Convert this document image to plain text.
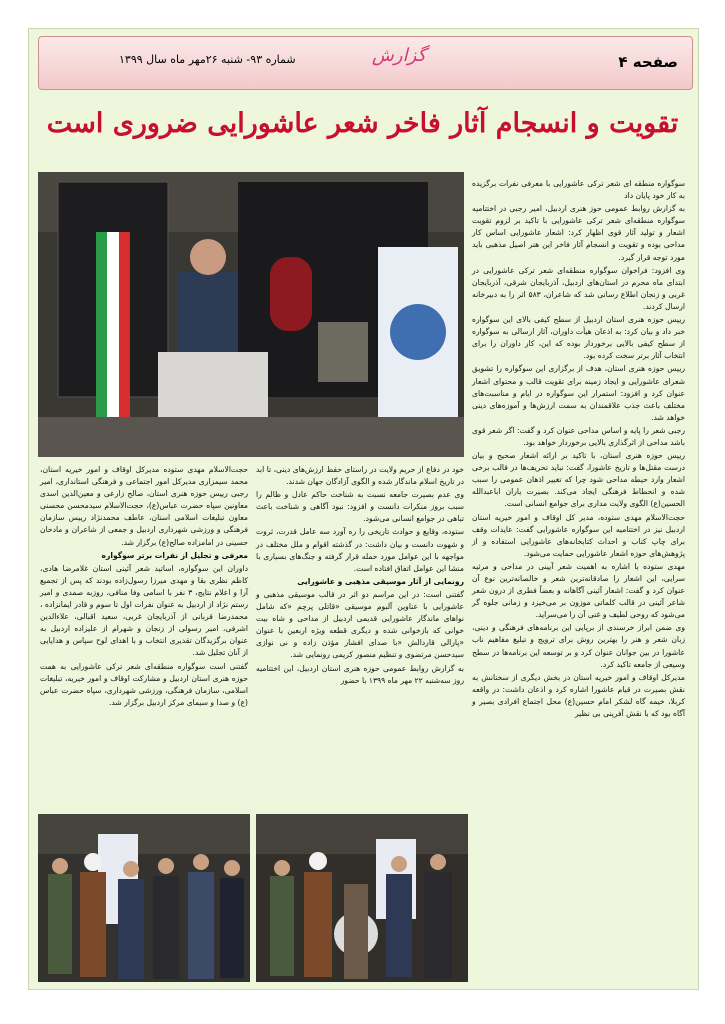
صفحه ۴
گزارش
شماره ۹۳- شنبه ۲۶مهر ماه سال ۱۳۹۹
تقویت و انسجام آثار فاخر شعر عاشورایی ضروری است

سوگواره منطقه ای شعر ترکی عاشورایی با معرفی نفرات برگزیده به کار خود پایان داد

به گزارش روابط عمومی حوز هنری اردبیل، امیر رجبی در اختتامیه سوگواره منطقه‌ای شعر ترکی عاشورایی با تاکید بر لزوم تقویت اشعار و تولید آثار قوی اظهار کرد: اشعار عاشورایی اساس کار مداحی بوده و تقویت و انسجام آثار فاخر این هنر اصیل مذهبی باید مورد توجه قرار گیرد.

وی افزود: فراخوان سوگواره منطقه‌ای شعر ترکی عاشورایی در ابتدای ماه محرم در استان‌های اردبیل، آذربایجان شرقی، آذربایجان غربی و زنجان اطلاع رسانی شد که شاعران، ۵۸۳ اثر را به دبیرخانه ارسال کردند.

رییس حوزه هنری استان اردبیل از سطح کیفی بالای این سوگواره خبر داد و بیان کرد: به اذعان هیأت داوران، آثار ارسالی به سوگواره از سطح کیفی بالایی برخوردار بوده که این، کار داوران را برای انتخاب آثار برتر سخت کرده بود.

رییس حوزه هنری استان، هدف از برگزاری این سوگواره را تشویق شعرای عاشورایی و ایجاد زمینه برای تقویت قالب و محتوای اشعار عنوان کرد و افزود: استمرار این سوگواره در ایام و مناسبت‌های مختلف باعث جذب علاقمندان به سمت ارزش‌ها و آموزه‌های دینی خواهد شد.

رجبی شعر را پایه و اساس مداحی عنوان کرد و گفت: اگر شعر قوی باشد مداحی از اثرگذاری بالایی برخوردار خواهد بود.

رییس حوزه هنری استان، با تاکید بر ارائه اشعار صحیح و بیان درست مقتل‌ها و تاریخ عاشورا، گفت: نباید تحریف‌ها در قالب برخی اشعار وارد حیطه مداحی شود چرا که تغییر اذهان عمومی را سبب شده و انحطاط فرهنگی ایجاد می‌کند. بصیرت یاران اباعبدالله الحسین(ع) الگوی ولایت مداری برای جوامع انسانی است.

حجت‌الاسلام مهدی ستوده، مدیر کل اوقاف و امور خیریه استان اردبیل نیز در اختتامیه این سوگواره عاشورایی گفت: عایدات وقف برای چاپ کتاب و احداث کتابخانه‌های عاشورایی استفاده و از پژوهش‌های حوزه اشعار عاشورایی حمایت می‌شود.

مهدی ستوده با اشاره به اهمیت شعر آیینی در مداحی و مرثیه سرایی، این اشعار را صادقانه‌ترین شعر و خالصانه‌ترین نوع آن عنوان کرد و گفت: اشعار آئینی آگاهانه و بعضاً فطری از درون شعر شاعر آئینی در قالب کلماتی موزون بر می‌خیزد و زمانی جلوه گر می‌شود که روحی لطیف و غنی آن را می‌سراید.

وی ضمن ابراز خرسندی از برپایی این برنامه‌های فرهنگی و دینی، زبان شعر و هنر را بهترین روش برای ترویج و تبلیغ مفاهیم ناب عاشورا در بین جوانان عنوان کرد و بر توسعه این برنامه‌ها در سطح وسیعی از جامعه تاکید کرد.

مدیرکل اوقاف و امور خیریه استان در بخش دیگری از سخنانش به نقش بصیرت در قیام عاشورا اشاره کرد و اذعان داشت: در واقعه کربلا، خیمه گاه لشکر امام حسین(ع) محل اجتماع افرادی بصیر و آگاه بود که با نقش آفرینی بی نظیر

خود در دفاع از حریم ولایت در راستای حفظ ارزش‌های دینی، تا ابد در تاریخ اسلام ماندگار شده و الگوی آزادگان جهان شدند.

وی عدم بصیرت جامعه نسبت به شناخت حاکم عادل و ظالم را سبب بروز منکرات دانست و افزود: نبود آگاهی و شناخت باعث تباهی در جوامع انسانی می‌شود.

ستوده، وقایع و حوادث تاریخی را ره آورد سه عامل قدرت، ثروت و شهوت دانست و بیان داشت: در گذشته اقوام و ملل مختلف در مواجهه با این عوامل مورد حمله قرار گرفته و جنگ‌های بسیاری با منشا این عوامل اتفاق افتاده است.

رونمایی از آثار موسیقی مذهبی و عاشورایی

گفتنی است: در این مراسم دو اثر در قالب موسیقی مذهبی و عاشورایی با عناوین آلبوم موسیقی «قاتلی پرچم «که شامل نواهای ماندگار عاشورایی قدیمی اردبیل از مداحی و شاه بیت خوانی که بازخوانی شده و دیگری قطعه ویژه اربعین با عنوان «پارالی قاردالش «با صدای افشار مؤذن زاده و نی نوازی سیدحسن مرتضوی و تنظیم منصور کریمی رونمایی شد.

به گزارش روابط عمومی حوزه هنری استان اردبیل، این اختتامیه روز سه‌شنبه ۲۲ مهر ماه ۱۳۹۹ با حضور

حجت‌الاسلام مهدی ستوده مدیرکل اوقاف و امور خیریه استان، محمد سیمزاری مدیرکل امور اجتماعی و فرهنگی استانداری، امیر رجبی رییس حوزه هنری استان، صالح زارعی و معین‌الدین اسدی معاونین سپاه حضرت عباس(ع)، حجت‌الاسلام سیدمحسن محسنی معاون تبلیغات اسلامی استان، عاطف محمدنژاد رییس سازمان فرهنگی و ورزشی شهرداری اردبیل و جمعی از شاعران و مادحان حسینی در امامزاده صالح(ع) برگزار شد.

معرفی و تجلیل از نفرات برتر سوگواره

داوران این سوگواره، اساتید شعر آئینی استان غلامرضا هادی، کاظم نظری بقا و مهدی میرزا رسول‌زاده بودند که پس از تجمیع آرا و اعلام نتایج، ۳ نفر با اسامی وفا منافی، روزبه صمدی و امیر رستم نژاد از اردبیل به عنوان نفرات اول تا سوم و قادر ایمانزاده ، محمدرضا قربانی از آذربایجان غربی، سعید اقبالی، علاءالدین اشرفی، امیر رسولی از زنجان و شهرام از علیزاده اردبیل به عنوان برگزیدگان تقدیری انتخاب و با اهدای لوح سپاس و هدایایی از آنان تجلیل شد.

گفتنی است سوگواره منطقه‌ای شعر ترکی عاشورایی به همت حوزه هنری استان اردبیل و مشارکت اوقاف و امور خیریه، تبلیغات اسلامی، سازمان فرهنگی، ورزشی شهرداری، سپاه حضرت عباس (ع) و صدا و سیمای مرکز اردبیل برگزار شد.
